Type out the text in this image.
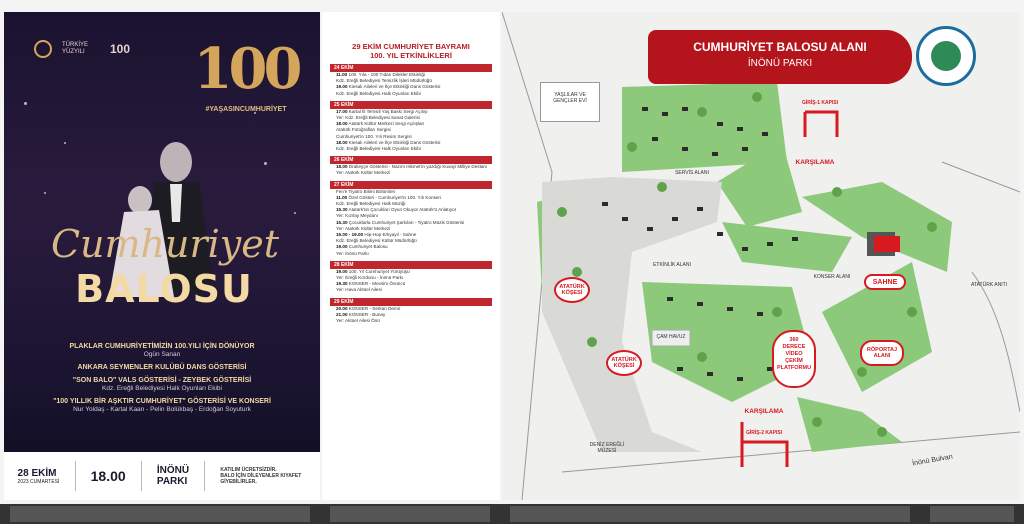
TÜRKİYE YÜZYILI	100 100
#YAŞASINCUMHURİYET
Cumhuriyet
BALOSU
PLAKLAR CUMHURİYETİMİZİN 100.YILI İÇİN DÖNÜYOR
Ogün Sanan
ANKARA SEYMENLER KULÜBÜ DANS GÖSTERİSİ
"SON BALO" VALS GÖSTERİSİ - ZEYBEK GÖSTERİSİ
Kdz. Ereğli Belediyesi Halk Oyunları Ekibi
"100 YILLIK BİR AŞKTIR CUMHURİYET" GÖSTERİSİ VE KONSERİ
Nur Yoldaş - Kartal Kaan - Pelin Bolükbaş - Erdoğan Soyuturk
28 EKİM
2023 CUMARTESİ 18.00	İNÖNÜ
PARKI
KATILIM ÜCRETSİZDİR.
BALO İÇİN DİLEYENLER KIYAFET GİYEBİLİRLER.
29 EKİM CUMHURİYET BAYRAMI
100. YIL ETKİNLİKLERİ
24 EKİM
11.00 100. Yıla - 100 Tıdan Dilekler Etkinliği
Kdz. Ereğli Belediyesi Temizlik İşleri Müdürlüğü
19.00 Kiesalı Aileleri ve İlçe Etkinliği Dans Gösterisi
Kdz. Ereğli Belediyesi Halk Oyunları Ekibi
25 EKİM
17.00 Kartal İli Temsili Yaş Baskı Sergi Açılışı
Yer: Kdz. Ereğli Belediyesi Sanat Galerisi
18.00 Atatürk Kültür Merkezi Sergi Açılışları
Atatürk Fotoğrafları Sergisi
Cumhuriyet'in 100. Yılı Resim Sergisi
18.00 Kiesalı Aileleri ve İlçe Etkinliği Dans Gösterisi
Kdz. Ereğli Belediyesi Halk Oyunları Ekibi
26 EKİM
18.00 Drakeyçe Gösterisi - Nazım Hikmet'in yazdığı Kuvayi Milliye Destanı
Yer: Atatürk Kültür Merkezi
27 EKİM
Fen'e Tiyatro Bilimi Bölümleri
11.00 Özel Gösteri - Cumhuriyet'in 100. Yılı Konseri
Kdz. Ereğli Belediyesi Halk Müziği
15.30 Atatürk'ün Çocukları Oyun Okuyor Atatürk'ü Anlatıyor
Yer: Kızılay Meydanı
15.30 Çocuklarla Cumhuriyet Şarkıları - Tiyatro Müzik Gösterisi
Yer: Atatürk Kültür Merkezi
15.00 - 19.00 Hip-Hop Erkyayıl - Sahne
Kdz. Ereğli Belediyesi Kültür Müdürlüğü
19.00 Cumhuriyet Balosu
Yer: İnönü Parkı
28 EKİM
19.00 100. Yıl Cumhuriyet Yürüyüşü
Yer: Ereğli Kordonu - İnönü Parkı
19.30 KONSER - Mevsim Övüncü
Yer: Hava Aktüel Ailesi
29 EKİM
20.00 KONSER - Serkan Demir
21.00 KONSER - Bunay
Yer: Aktüel Ailesi Önü
YAŞLILAR VE GENÇLER EVİ
SERVİS ALANI
ETKİNLİK ALANI
KONSER ALANI
ÇAM HAVUZ
ATATÜRK ANITI
DENİZ EREĞLİ MÜZESİ
İnönü Bulvarı
CUMHURİYET BALOSU ALANI
İNÖNÜ PARKI
GİRİŞ-1 KAPISI
KARŞILAMA
ATATÜRK
KÖŞESİ
ATATÜRK
KÖŞESİ
SAHNE
360
DERECE
VİDEO
ÇEKİM
PLATFORMU
RÖPORTAJ
ALANI
KARŞILAMA
GİRİŞ-2 KAPISI
